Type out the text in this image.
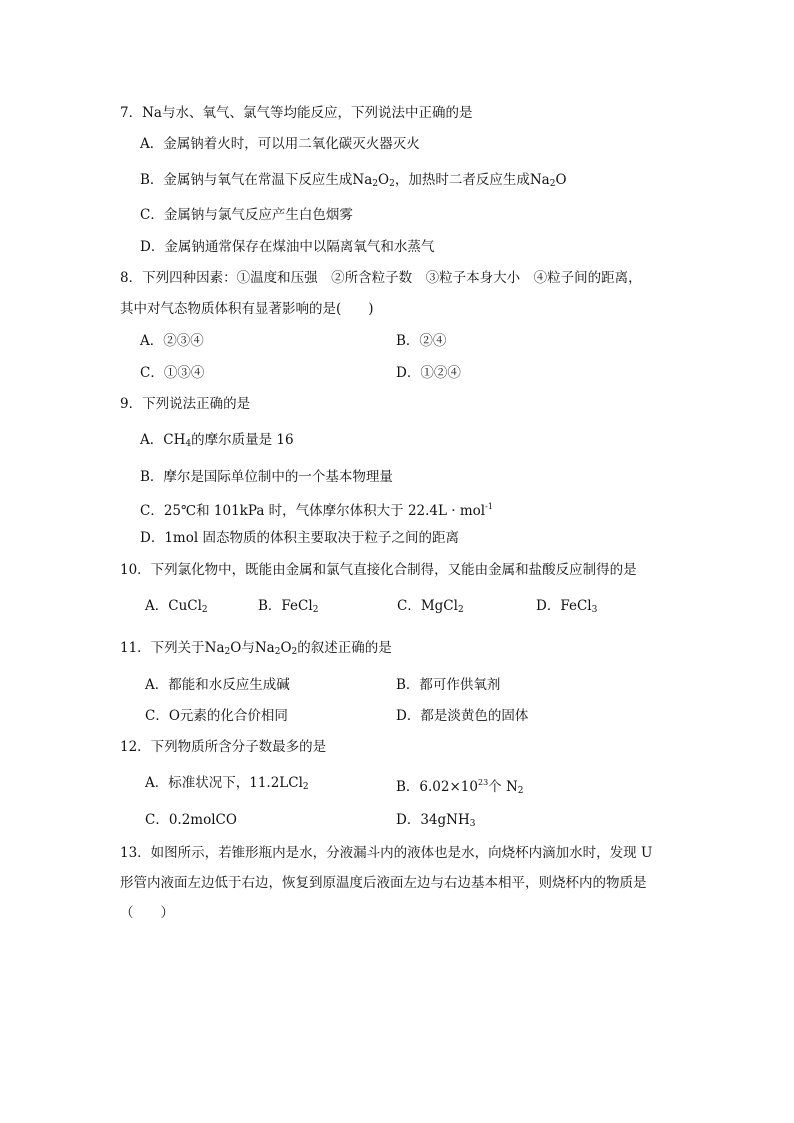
7．Na与水、氧气、氯气等均能反应，下列说法中正确的是
A．金属钠着火时，可以用二氧化碳灭火器灭火
B．金属钠与氧气在常温下反应生成$Na_2O_2$，加热时二者反应生成$Na_2O$
C．金属钠与氯气反应产生白色烟雾
D．金属钠通常保存在煤油中以隔离氧气和水蒸气
8．下列四种因素：①温度和压强　②所含粒子数　③粒子本身大小　④粒子间的距离，
其中对气态物质体积有显著影响的是(　　)
A．②③④	B．②④
C．①③④	D．①②④
9．下列说法正确的是
A．$CH_4$的摩尔质量是 16
B．摩尔是国际单位制中的一个基本物理量
C．25℃和 101kPa 时，气体摩尔体积大于 22.4L · mol$^{-1}$
D．1mol 固态物质的体积主要取决于粒子之间的距离
10．下列氯化物中，既能由金属和氯气直接化合制得，又能由金属和盐酸反应制得的是
A．CuCl$_2$	B．FeCl$_2$	C．MgCl$_2$	D．FeCl$_3$
11．下列关于$Na_2O$与$Na_2O_2$的叙述正确的是
A．都能和水反应生成碱	B．都可作供氧剂
C．O元素的化合价相同	D．都是淡黄色的固体
12．下列物质所含分子数最多的是
A．标准状况下，11.2LCl$_2$	B．$6.02\times 10^{23}$个 $N_2$
C．0.2molCO	D．34gNH$_3$
13．如图所示，若锥形瓶内是水，分液漏斗内的液体也是水，向烧杯内滴加水时，发现 U
形管内液面左边低于右边，恢复到原温度后液面左边与右边基本相平，则烧杯内的物质是
（　　）
